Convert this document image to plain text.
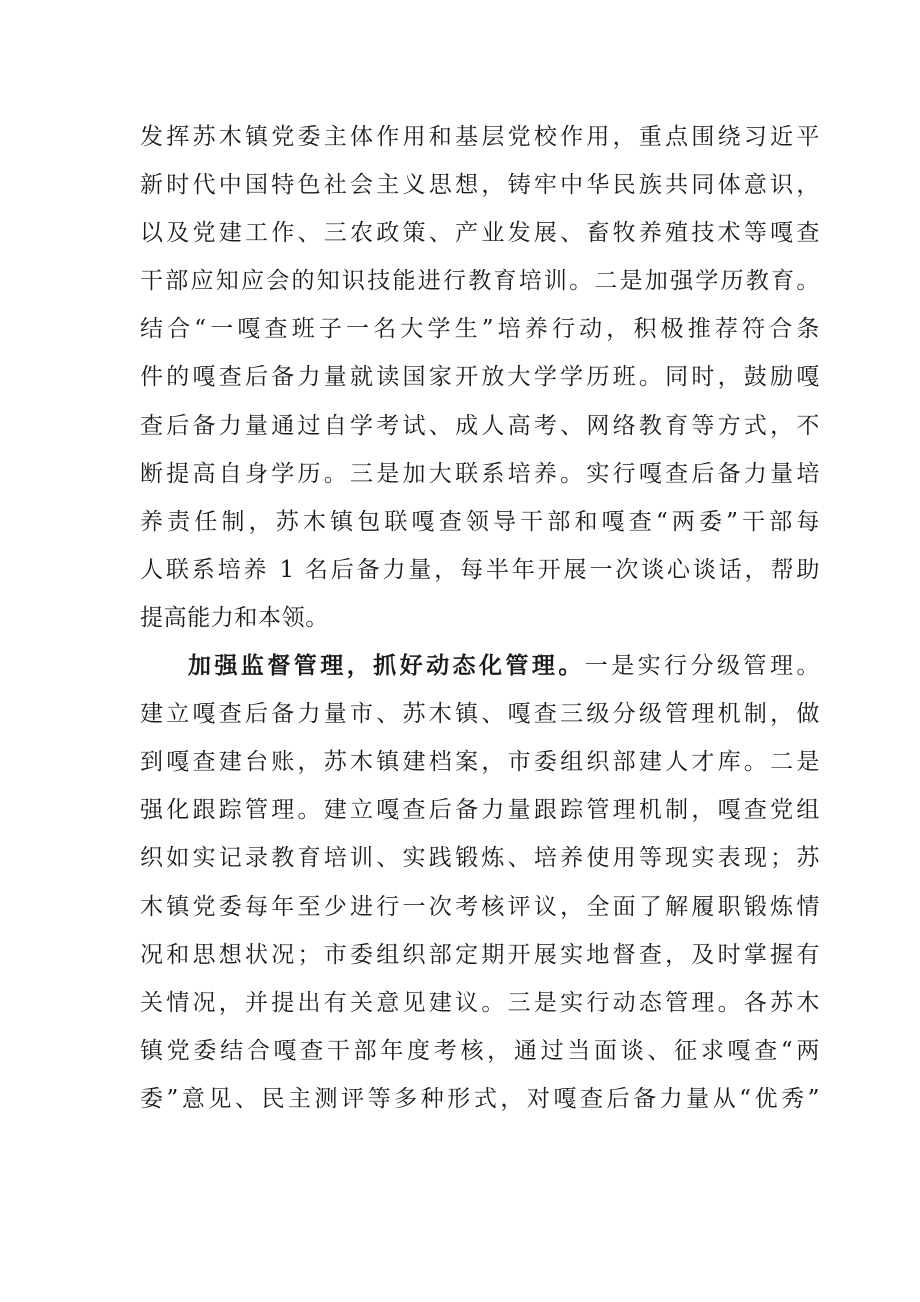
发挥苏木镇党委主体作用和基层党校作用，重点围绕习近平
新时代中国特色社会主义思想，铸牢中华民族共同体意识，
以及党建工作、三农政策、产业发展、畜牧养殖技术等嘎查
干部应知应会的知识技能进行教育培训。二是加强学历教育。
结合“一嘎查班子一名大学生”培养行动，积极推荐符合条
件的嘎查后备力量就读国家开放大学学历班。同时，鼓励嘎
查后备力量通过自学考试、成人高考、网络教育等方式，不
断提高自身学历。三是加大联系培养。实行嘎查后备力量培
养责任制，苏木镇包联嘎查领导干部和嘎查“两委”干部每
人联系培养 1 名后备力量，每半年开展一次谈心谈话，帮助
提高能力和本领。
加强监督管理，抓好动态化管理。一是实行分级管理。
建立嘎查后备力量市、苏木镇、嘎查三级分级管理机制，做
到嘎查建台账，苏木镇建档案，市委组织部建人才库。二是
强化跟踪管理。建立嘎查后备力量跟踪管理机制，嘎查党组
织如实记录教育培训、实践锻炼、培养使用等现实表现；苏
木镇党委每年至少进行一次考核评议，全面了解履职锻炼情
况和思想状况；市委组织部定期开展实地督查，及时掌握有
关情况，并提出有关意见建议。三是实行动态管理。各苏木
镇党委结合嘎查干部年度考核，通过当面谈、征求嘎查“两
委”意见、民主测评等多种形式，对嘎查后备力量从“优秀”
